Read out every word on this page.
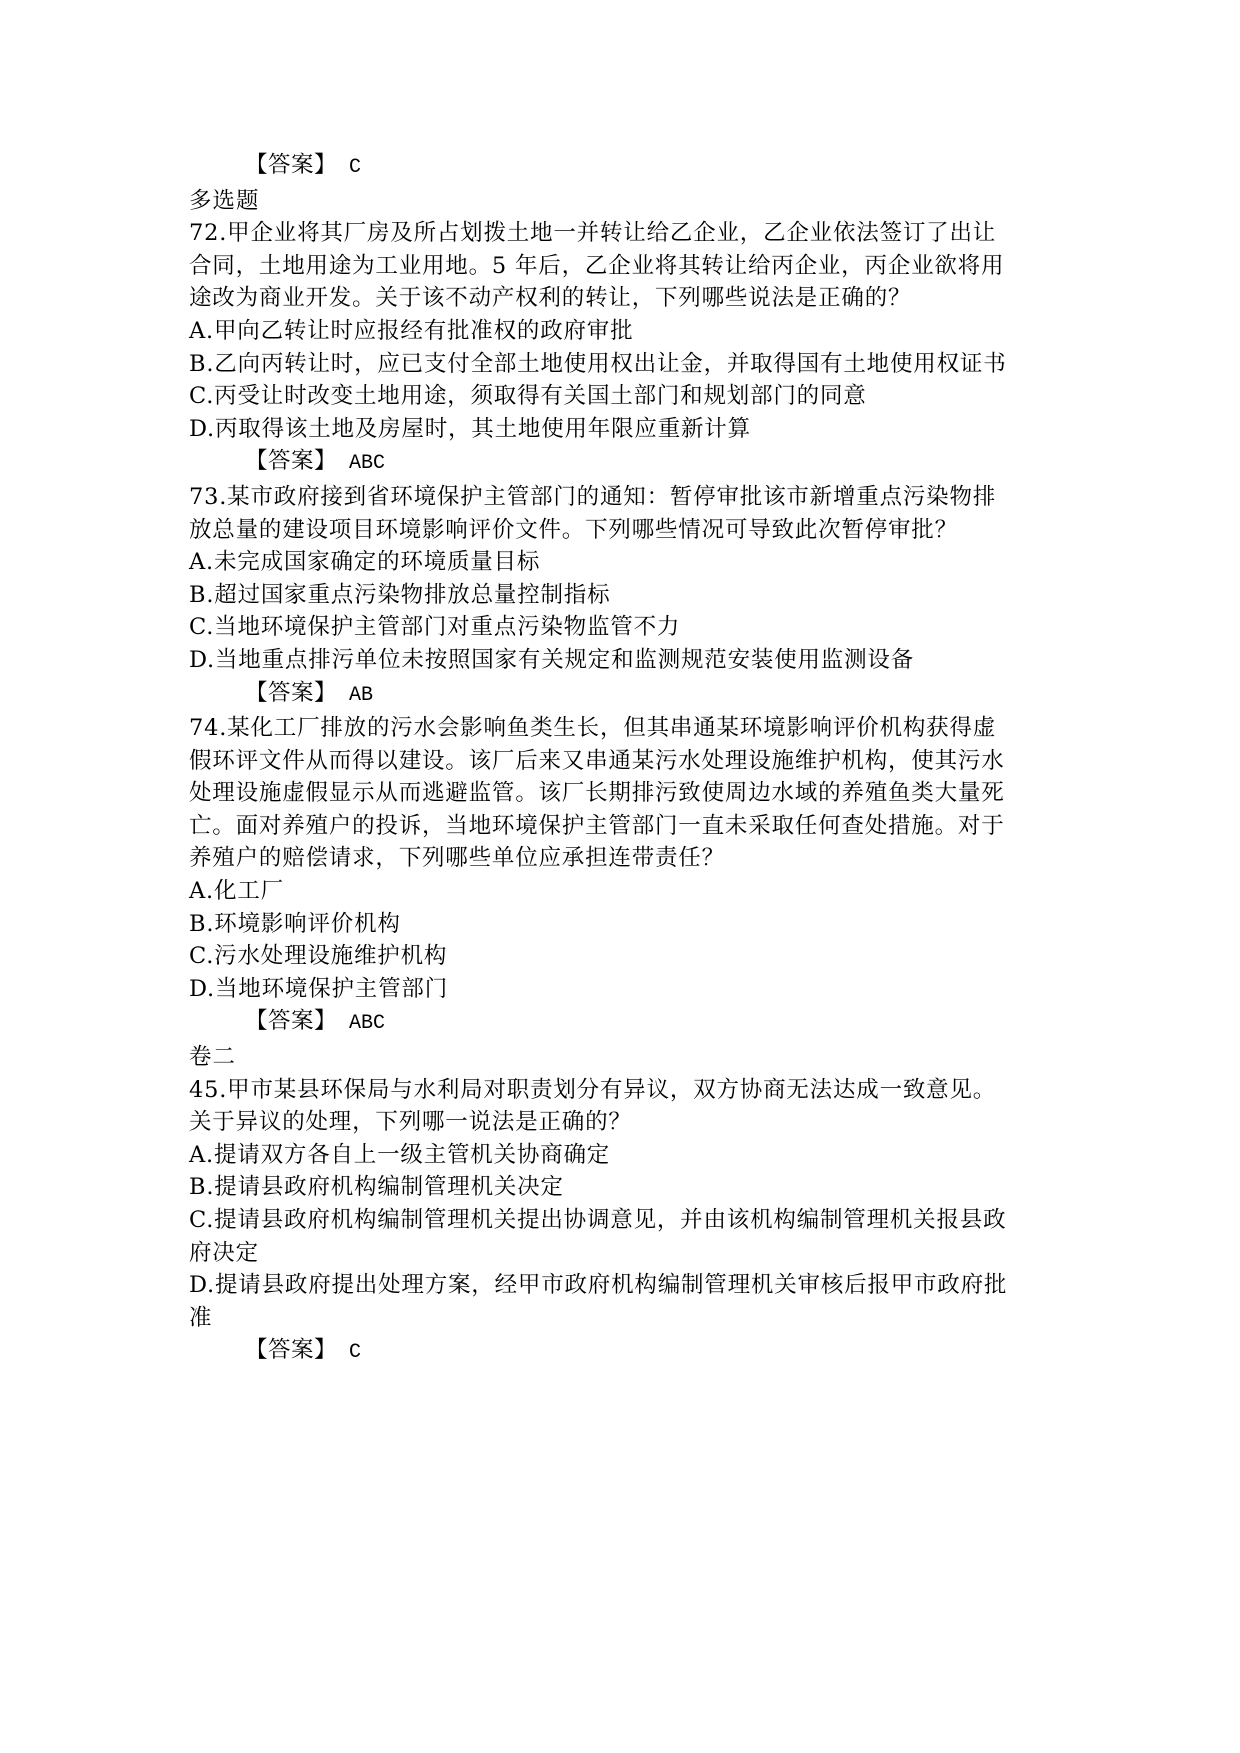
【答案】 C
多选题
72.甲企业将其厂房及所占划拨土地一并转让给乙企业，乙企业依法签订了出让
合同，土地用途为工业用地。5 年后，乙企业将其转让给丙企业，丙企业欲将用
途改为商业开发。关于该不动产权利的转让，下列哪些说法是正确的？
A.甲向乙转让时应报经有批准权的政府审批
B.乙向丙转让时，应已支付全部土地使用权出让金，并取得国有土地使用权证书
C.丙受让时改变土地用途，须取得有关国土部门和规划部门的同意
D.丙取得该土地及房屋时，其土地使用年限应重新计算
【答案】 ABC
73.某市政府接到省环境保护主管部门的通知：暂停审批该市新增重点污染物排
放总量的建设项目环境影响评价文件。下列哪些情况可导致此次暂停审批？
A.未完成国家确定的环境质量目标
B.超过国家重点污染物排放总量控制指标
C.当地环境保护主管部门对重点污染物监管不力
D.当地重点排污单位未按照国家有关规定和监测规范安装使用监测设备
【答案】 AB
74.某化工厂排放的污水会影响鱼类生长，但其串通某环境影响评价机构获得虚
假环评文件从而得以建设。该厂后来又串通某污水处理设施维护机构，使其污水
处理设施虚假显示从而逃避监管。该厂长期排污致使周边水域的养殖鱼类大量死
亡。面对养殖户的投诉，当地环境保护主管部门一直未采取任何查处措施。对于
养殖户的赔偿请求，下列哪些单位应承担连带责任？
A.化工厂
B.环境影响评价机构
C.污水处理设施维护机构
D.当地环境保护主管部门
【答案】 ABC
卷二
45.甲市某县环保局与水利局对职责划分有异议，双方协商无法达成一致意见。
关于异议的处理，下列哪一说法是正确的？
A.提请双方各自上一级主管机关协商确定
B.提请县政府机构编制管理机关决定
C.提请县政府机构编制管理机关提出协调意见，并由该机构编制管理机关报县政
府决定
D.提请县政府提出处理方案，经甲市政府机构编制管理机关审核后报甲市政府批
准
【答案】 C
